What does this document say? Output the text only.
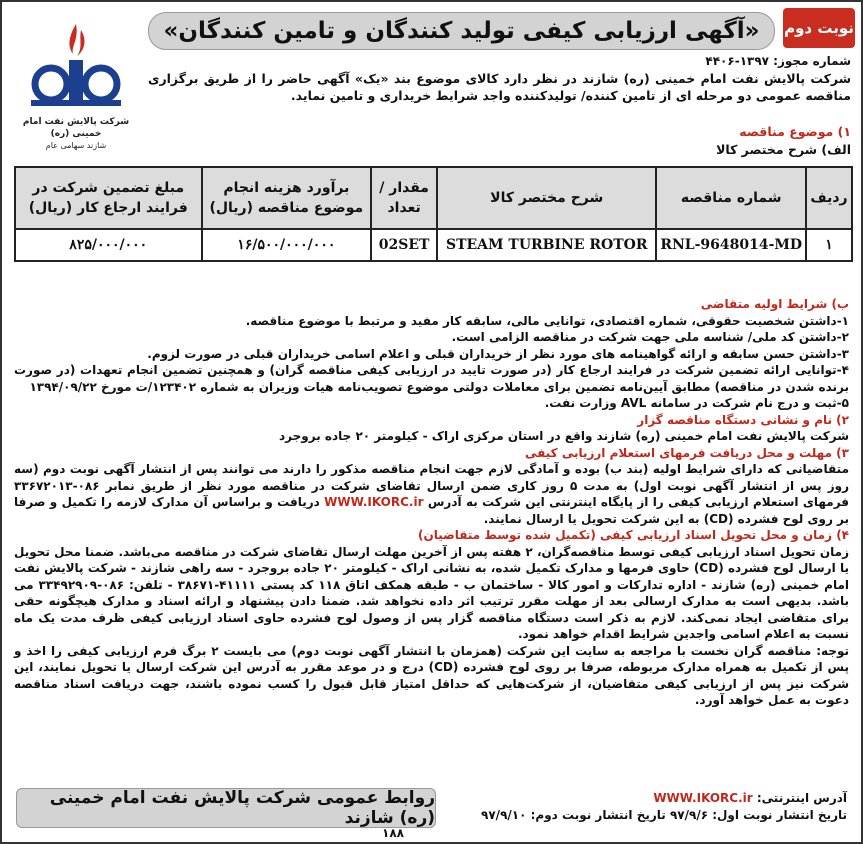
نوبت دوم
«آگهی ارزیابی کیفی تولید کنندگان و تامین کنندگان»
شرکت پالایش نفت امام خمینی (ره)
شازند سهامی عام
شماره مجوز: ۱۳۹۷-۴۴۰۶
شرکت پالایش نفت امام خمینی (ره) شازند در نظر دارد کالای موضوع بند «یک» آگهی حاضر را از طریق برگزاری مناقصه عمومی دو مرحله ای از تامین کننده/ تولیدکننده واجد شرایط خریداری و تامین نماید.
۱) موضوع مناقصه
الف) شرح مختصر کالا
ردیف	شماره مناقصه	شرح مختصر کالا	مقدار / تعداد	برآورد هزینه انجام موضوع مناقصه (ریال)	مبلغ تضمین شرکت در فرایند ارجاع کار (ریال)
۱	RNL-9648014-MD	STEAM TURBINE ROTOR	02SET	۱۶/۵۰۰/۰۰۰/۰۰۰	۸۲۵/۰۰۰/۰۰۰

ب) شرایط اولیه متقاضی

۱-داشتن شخصیت حقوقی، شماره اقتصادی، توانایی مالی، سابقه کار مفید و مرتبط با موضوع مناقصه.

۲-داشتن کد ملی/ شناسه ملی جهت شرکت در مناقصه الزامی است.

۳-داشتن حسن سابقه و ارائه گواهینامه های مورد نظر از خریداران قبلی و اعلام اسامی خریداران قبلی در صورت لزوم.

۴-توانایی ارائه تضمین شرکت در فرایند ارجاع کار (در صورت تایید در ارزیابی کیفی مناقصه گران) و همچنین تضمین انجام تعهدات (در صورت برنده شدن در مناقصه) مطابق آیین‌نامه تضمین برای معاملات دولتی موضوع تصویب‌نامه هیات وزیران به شماره ۱۲۳۴۰۲/ت مورخ ۱۳۹۴/۰۹/۲۲

۵-ثبت و درج نام شرکت در سامانه AVL وزارت نفت.

۲) نام و نشانی دستگاه مناقصه گزار

شرکت پالایش نفت امام خمینی (ره) شازند واقع در استان مرکزی اراک - کیلومتر ۲۰ جاده بروجرد

۳) مهلت و محل دریافت فرمهای استعلام ارزیابی کیفی

متقاضیانی که دارای شرایط اولیه (بند ب) بوده و آمادگی لازم جهت انجام مناقصه مذکور را دارند می توانند پس از انتشار آگهی نوبت دوم (سه روز پس از انتشار آگهی نوبت اول) به مدت ۵ روز کاری ضمن ارسال تقاضای شرکت در مناقصه مورد نظر از طریق نمابر ۰۸۶-۳۳۶۷۲۰۱۳ فرمهای استعلام ارزیابی کیفی را از پایگاه اینترنتی این شرکت به آدرس WWW.IKORC.ir دریافت و براساس آن مدارک لازمه را تکمیل و صرفا بر روی لوح فشرده (CD) به این شرکت تحویل یا ارسال نمایند.

۴) زمان و محل تحویل اسناد ارزیابی کیفی (تکمیل شده توسط متقاضیان)

زمان تحویل اسناد ارزیابی کیفی توسط مناقصه‌گران، ۲ هفته پس از آخرین مهلت ارسال تقاضای شرکت در مناقصه می‌باشد. ضمنا محل تحویل یا ارسال لوح فشرده (CD) حاوی فرمها و مدارک تکمیل شده، به نشانی اراک - کیلومتر ۲۰ جاده بروجرد - سه راهی شازند - شرکت پالایش نفت امام خمینی (ره) شازند - اداره تدارکات و امور کالا - ساختمان ب - طبقه همکف اتاق ۱۱۸ کد پستی ۴۱۱۱۱-۳۸۶۷۱ - تلفن: ۰۸۶-۳۳۴۹۲۹۰۹ می باشد. بدیهی است به مدارک ارسالی بعد از مهلت مقرر ترتیب اثر داده نخواهد شد. ضمنا دادن پیشنهاد و ارائه اسناد و مدارک هیچگونه حقی برای متقاضی ایجاد نمی‌کند. لازم به ذکر است دستگاه مناقصه گزار پس از وصول لوح فشرده حاوی اسناد ارزیابی کیفی ظرف مدت یک ماه نسبت به اعلام اسامی واجدین شرایط اقدام خواهد نمود.

توجه: مناقصه گران نخست با مراجعه به سایت این شرکت (همزمان با انتشار آگهی نوبت دوم) می بایست ۲ برگ فرم ارزیابی کیفی را اخذ و پس از تکمیل به همراه مدارک مربوطه، صرفا بر روی لوح فشرده (CD) درج و در موعد مقرر به آدرس این شرکت ارسال یا تحویل نمایند، این شرکت نیز پس از ارزیابی کیفی متقاضیان، از شرکت‌هایی که حداقل امتیاز قابل قبول را کسب نموده باشند، جهت دریافت اسناد مناقصه دعوت به عمل خواهد آورد.

آدرس اینترنتی: WWW.IKORC.ir
تاریخ انتشار نوبت اول: ۹۷/۹/۶ تاریخ انتشار نوبت دوم: ۹۷/۹/۱۰
روابط عمومی شرکت پالایش نفت امام خمینی (ره) شازند
۱۸۸
